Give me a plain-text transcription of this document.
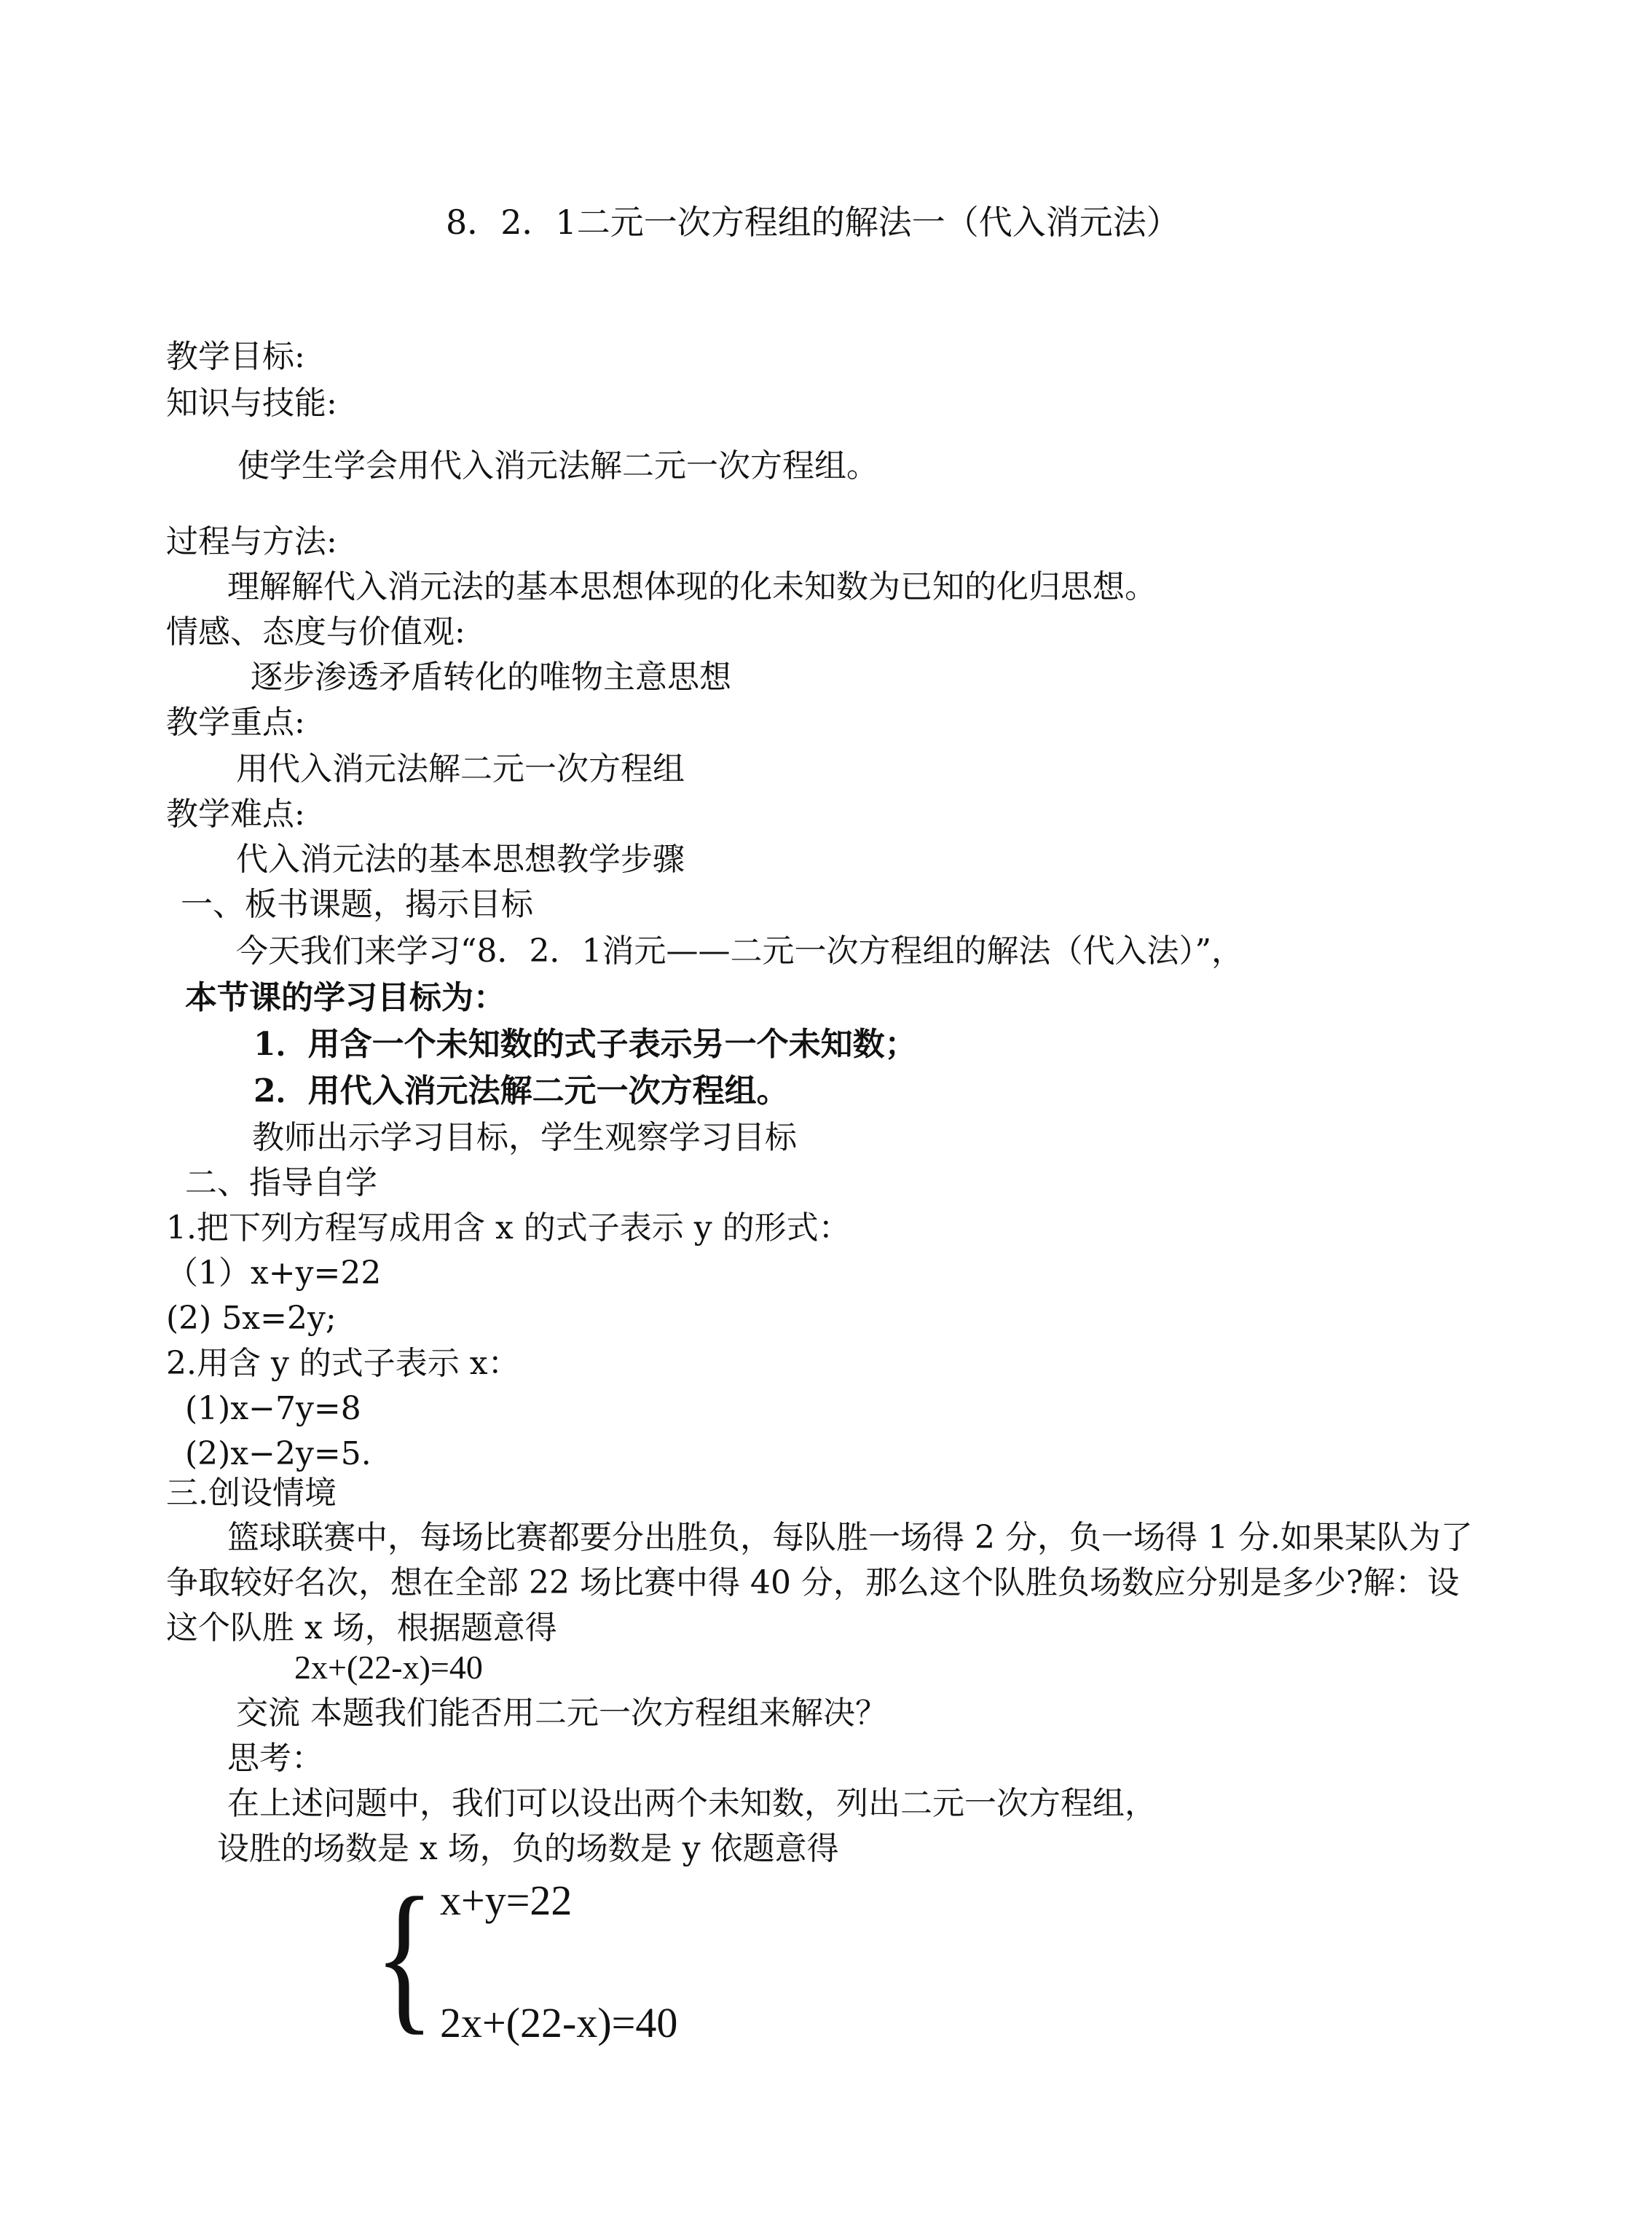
8．2．1二元一次方程组的解法一（代入消元法）
教学目标:
知识与技能:
使学生学会用代入消元法解二元一次方程组。
过程与方法:
理解解代入消元法的基本思想体现的化未知数为已知的化归思想。
情感、态度与价值观:
逐步渗透矛盾转化的唯物主意思想
教学重点:
用代入消元法解二元一次方程组
教学难点:
代入消元法的基本思想教学步骤
一、板书课题，揭示目标
今天我们来学习“8．2．1消元——二元一次方程组的解法（代入法）”，
本节课的学习目标为：
1．用含一个未知数的式子表示另一个未知数；
2．用代入消元法解二元一次方程组。
教师出示学习目标，学生观察学习目标
二、指导自学
1.把下列方程写成用含 x 的式子表示 y 的形式：
（1）x+y=22
(2) 5x=2y;
2.用含 y 的式子表示 x：
(1)x−7y=8
(2)x−2y=5.
三.创设情境
篮球联赛中，每场比赛都要分出胜负，每队胜一场得 2 分，负一场得 1 分.如果某队为了争取较好名次，想在全部 22 场比赛中得 40 分，那么这个队胜负场数应分别是多少?解：设这个队胜 x 场，根据题意得
2x+(22-x)=40
交流 本题我们能否用二元一次方程组来解决？
思考：
在上述问题中，我们可以设出两个未知数，列出二元一次方程组，
设胜的场数是 x 场，负的场数是 y 依题意得
{ x+y=22
2x+(22-x)=40
